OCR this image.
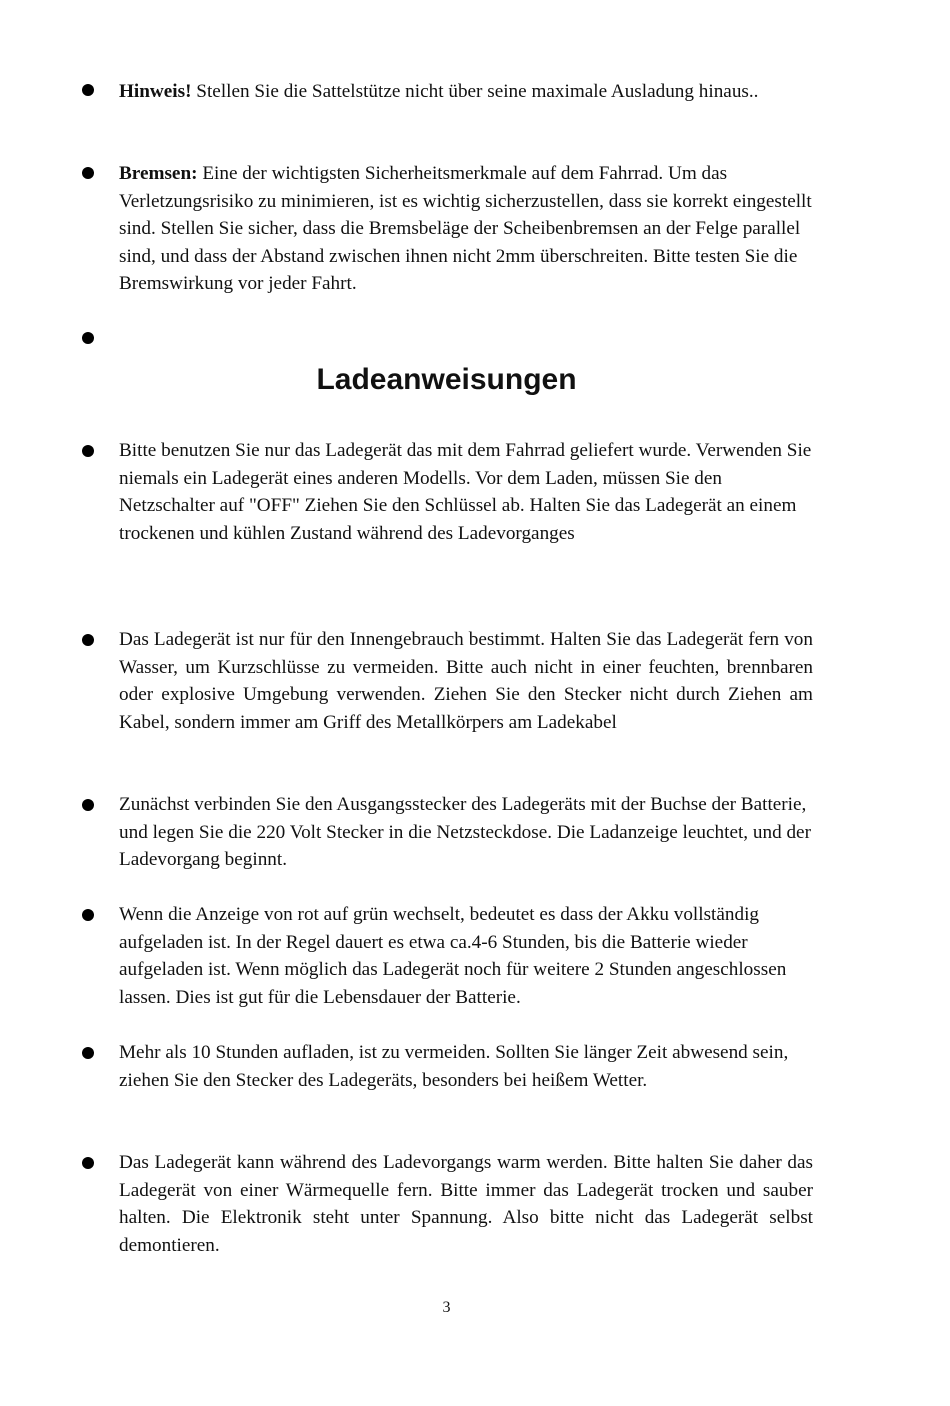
Hinweis! Stellen Sie die Sattelstütze nicht über seine maximale Ausladung hinaus..

Bremsen: Eine der wichtigsten Sicherheitsmerkmale auf dem Fahrrad. Um das Verletzungsrisiko zu minimieren, ist es wichtig sicherzustellen, dass sie korrekt eingestellt sind. Stellen Sie sicher, dass die Bremsbeläge der Scheibenbremsen an der Felge parallel sind, und dass der Abstand zwischen ihnen nicht 2mm überschreiten. Bitte testen Sie die Bremswirkung vor jeder Fahrt.

Ladeanweisungen

Bitte benutzen Sie nur das Ladegerät das mit dem Fahrrad geliefert wurde. Verwenden Sie niemals ein Ladegerät eines anderen Modells. Vor dem Laden, müssen Sie den Netzschalter auf "OFF" Ziehen Sie den Schlüssel ab. Halten Sie das Ladegerät an einem trockenen und kühlen Zustand während des Ladevorganges

Das Ladegerät ist nur für den Innengebrauch bestimmt. Halten Sie das Ladegerät fern von Wasser, um Kurzschlüsse zu vermeiden. Bitte auch nicht in einer feuchten, brennbaren oder explosive Umgebung verwenden. Ziehen Sie den Stecker nicht durch Ziehen am Kabel, sondern immer am Griff des Metallkörpers am Ladekabel

Zunächst verbinden Sie den Ausgangsstecker des Ladegeräts mit der Buchse der Batterie, und legen Sie die 220 Volt Stecker in die Netzsteckdose. Die Ladanzeige leuchtet, und der Ladevorgang beginnt.

Wenn die Anzeige von rot auf grün wechselt, bedeutet es dass der Akku vollständig aufgeladen ist. In der Regel dauert es etwa ca.4-6 Stunden, bis die Batterie wieder aufgeladen ist. Wenn möglich das Ladegerät noch für weitere 2 Stunden angeschlossen lassen. Dies ist gut für die Lebensdauer der Batterie.

Mehr als 10 Stunden aufladen, ist zu vermeiden. Sollten Sie länger Zeit abwesend sein, ziehen Sie den Stecker des Ladegeräts, besonders bei heißem Wetter.

Das Ladegerät kann während des Ladevorgangs warm werden. Bitte halten Sie daher das Ladegerät von einer Wärmequelle fern. Bitte immer das Ladegerät trocken und sauber halten. Die Elektronik steht unter Spannung. Also bitte nicht das Ladegerät selbst demontieren.

3
